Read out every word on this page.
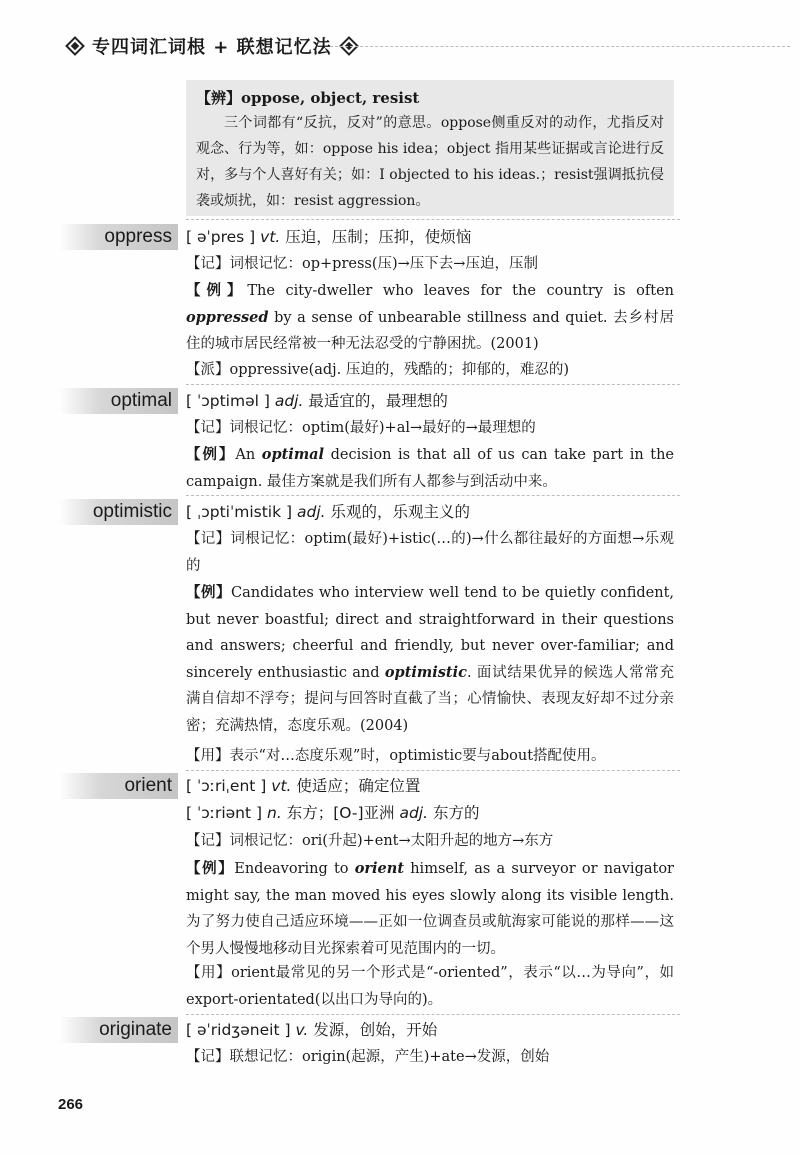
专四词汇词根 + 联想记忆法
【辨】oppose, object, resist
三个词都有“反抗，反对”的意思。oppose侧重反对的动作，尤指反对观念、行为等，如：oppose his idea；object 指用某些证据或言论进行反对，多与个人喜好有关；如：I objected to his ideas.；resist强调抵抗侵袭或烦扰，如：resist aggression。
oppress [ əˈpres ] vt. 压迫，压制；压抑，使烦恼
【记】词根记忆：op+press(压)→压下去→压迫，压制
【例】The city-dweller who leaves for the country is often oppressed by a sense of unbearable stillness and quiet. 去乡村居住的城市居民经常被一种无法忍受的宁静困扰。(2001)
【派】oppressive(adj. 压迫的，残酷的；抑郁的，难忍的)
optimal [ ˈɔptiməl ] adj. 最适宜的，最理想的
【记】词根记忆：optim(最好)+al→最好的→最理想的
【例】An optimal decision is that all of us can take part in the campaign. 最佳方案就是我们所有人都参与到活动中来。
optimistic [ ˌɔptiˈmistik ] adj. 乐观的，乐观主义的
【记】词根记忆：optim(最好)+istic(…的)→什么都往最好的方面想→乐观的
【例】Candidates who interview well tend to be quietly confident, but never boastful; direct and straightforward in their questions and answers; cheerful and friendly, but never over-familiar; and sincerely enthusiastic and optimistic. 面试结果优异的候选人常常充满自信却不浮夸；提问与回答时直截了当；心情愉快、表现友好却不过分亲密；充满热情，态度乐观。(2004)
【用】表示“对…态度乐观”时，optimistic要与about搭配使用。
orient [ ˈɔːriˌent ] vt. 使适应；确定位置
[ ˈɔːriənt ] n. 东方；[O-]亚洲 adj. 东方的
【记】词根记忆：ori(升起)+ent→太阳升起的地方→东方
【例】Endeavoring to orient himself, as a surveyor or navigator might say, the man moved his eyes slowly along its visible length. 为了努力使自己适应环境——正如一位调查员或航海家可能说的那样——这个男人慢慢地移动目光探索着可见范围内的一切。
【用】orient最常见的另一个形式是“-oriented”，表示“以…为导向”，如export-orientated(以出口为导向的)。
originate [ əˈridʒəneit ] v. 发源，创始，开始
【记】联想记忆：origin(起源，产生)+ate→发源，创始
266
